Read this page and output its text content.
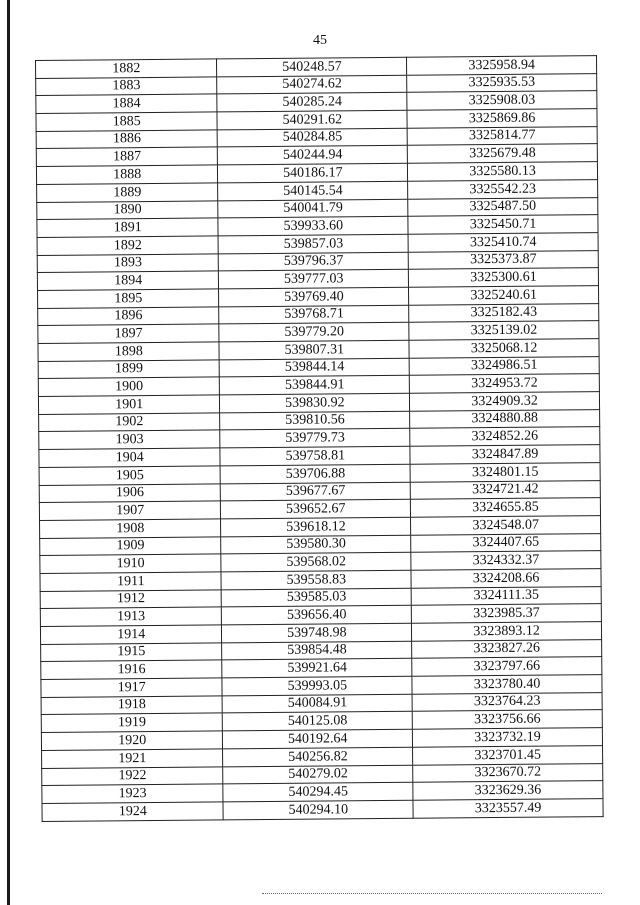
45
1882	540248.57	3325958.94
1883	540274.62	3325935.53
1884	540285.24	3325908.03
1885	540291.62	3325869.86
1886	540284.85	3325814.77
1887	540244.94	3325679.48
1888	540186.17	3325580.13
1889	540145.54	3325542.23
1890	540041.79	3325487.50
1891	539933.60	3325450.71
1892	539857.03	3325410.74
1893	539796.37	3325373.87
1894	539777.03	3325300.61
1895	539769.40	3325240.61
1896	539768.71	3325182.43
1897	539779.20	3325139.02
1898	539807.31	3325068.12
1899	539844.14	3324986.51
1900	539844.91	3324953.72
1901	539830.92	3324909.32
1902	539810.56	3324880.88
1903	539779.73	3324852.26
1904	539758.81	3324847.89
1905	539706.88	3324801.15
1906	539677.67	3324721.42
1907	539652.67	3324655.85
1908	539618.12	3324548.07
1909	539580.30	3324407.65
1910	539568.02	3324332.37
1911	539558.83	3324208.66
1912	539585.03	3324111.35
1913	539656.40	3323985.37
1914	539748.98	3323893.12
1915	539854.48	3323827.26
1916	539921.64	3323797.66
1917	539993.05	3323780.40
1918	540084.91	3323764.23
1919	540125.08	3323756.66
1920	540192.64	3323732.19
1921	540256.82	3323701.45
1922	540279.02	3323670.72
1923	540294.45	3323629.36
1924	540294.10	3323557.49
